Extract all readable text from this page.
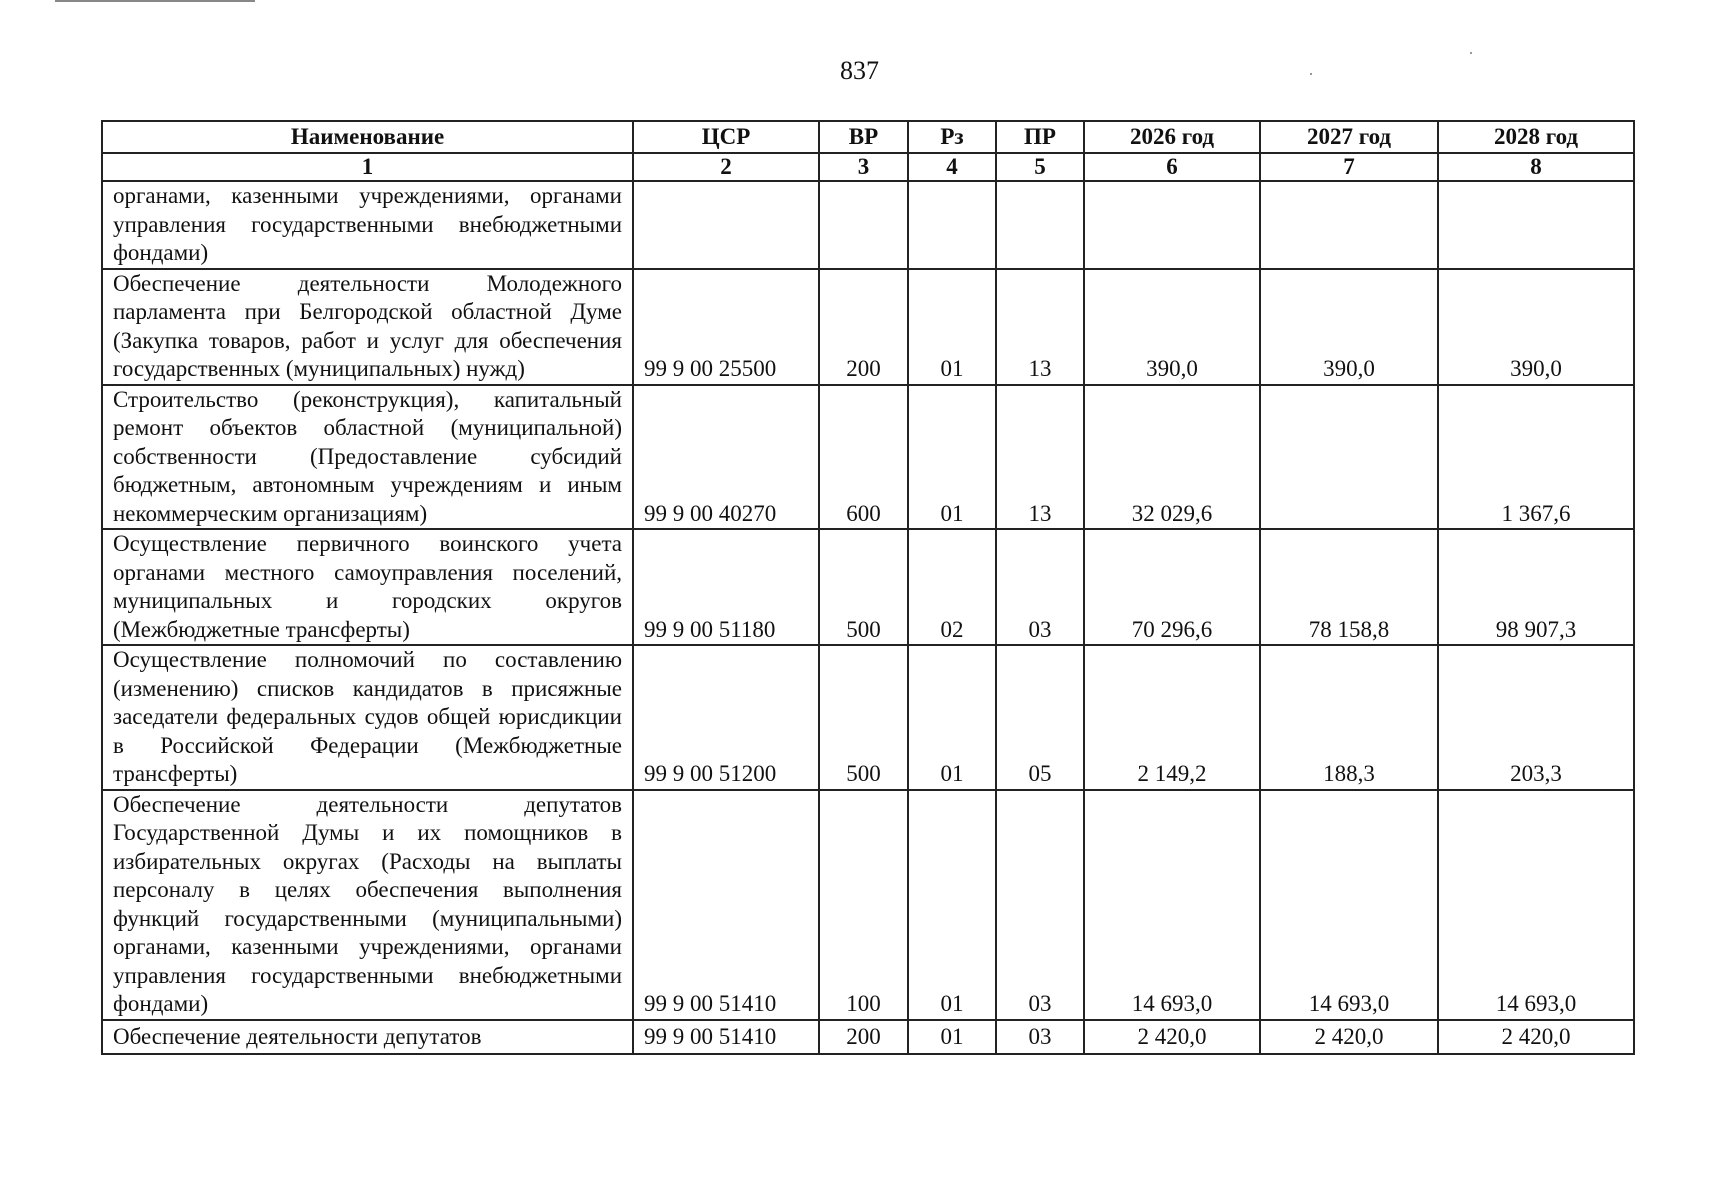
837
Наименование	ЦСР	ВР	Рз	ПР	2026 год	2027 год	2028 год
1	2	3	4	5	6	7	8
органами, казенными учреждениями, органами управления государственными внебюджетными фондами)							
Обеспечение деятельности Молодежного парламента при Белгородской областной Думе (Закупка товаров, работ и услуг для обеспечения государственных (муниципальных) нужд)	99 9 00 25500	200	01	13	390,0	390,0	390,0
Строительство (реконструкция), капитальный ремонт объектов областной (муниципальной) собственности (Предоставление субсидий бюджетным, автономным учреждениям и иным некоммерческим организациям)	99 9 00 40270	600	01	13	32 029,6		1 367,6
Осуществление первичного воинского учета органами местного самоуправления поселений, муниципальных и городских округов (Межбюджетные трансферты)	99 9 00 51180	500	02	03	70 296,6	78 158,8	98 907,3
Осуществление полномочий по составлению (изменению) списков кандидатов в присяжные заседатели федеральных судов общей юрисдикции в Российской Федерации (Межбюджетные трансферты)	99 9 00 51200	500	01	05	2 149,2	188,3	203,3
Обеспечение деятельности депутатов Государственной Думы и их помощников в избирательных округах (Расходы на выплаты персоналу в целях обеспечения выполнения функций государственными (муниципальными) органами, казенными учреждениями, органами управления государственными внебюджетными фондами)	99 9 00 51410	100	01	03	14 693,0	14 693,0	14 693,0
Обеспечение деятельности депутатов	99 9 00 51410	200	01	03	2 420,0	2 420,0	2 420,0
